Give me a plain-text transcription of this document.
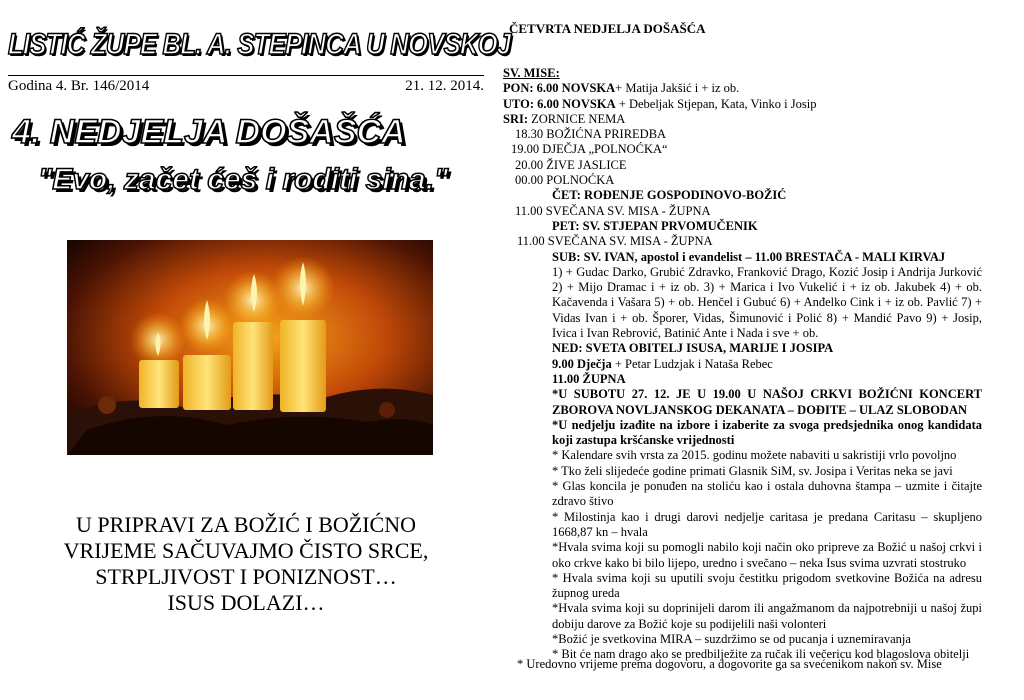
LISTIĆ ŽUPE BL. A. STEPINCA U NOVSKOJ
Godina 4. Br. 146/2014	21. 12. 2014.
4. NEDJELJA DOŠAŠĆA
"Evo, začet ćeš i roditi sina."
U PRIPRAVI ZA BOŽIĆ I BOŽIĆNO
VRIJEME SAČUVAJMO ČISTO SRCE,
STRPLJIVOST I PONIZNOST…
ISUS DOLAZI…
ČETVRTA NEDJELJA DOŠAŠĆA
SV. MISE:
PON: 6.00 NOVSKA+ Matija Jakšić i + iz ob.
UTO: 6.00 NOVSKA + Debeljak Stjepan, Kata, Vinko i Josip
SRI: ZORNICE NEMA
18.30 BOŽIĆNA PRIREDBA
19.00 DJEČJA „POLNOĆKA“
20.00 ŽIVE JASLICE
00.00 POLNOĆKA
ČET: ROĐENJE GOSPODINOVO-BOŽIĆ
11.00 SVEČANA SV. MISA - ŽUPNA
PET: SV. STJEPAN PRVOMUČENIK
11.00 SVEČANA SV. MISA - ŽUPNA
SUB: SV. IVAN, apostol i evandelist – 11.00 BRESTAČA - MALI KIRVAJ
1) + Gudac Darko, Grubić Zdravko, Franković Drago, Kozić Josip i Andrija Jurković
2) + Mijo Dramac i + iz ob. 3) + Marica i Ivo Vukelić i + iz ob. Jakubek 4) + ob.
Kačavenda i Vašara 5) + ob. Henčel i Gubuć 6) + Anđelko Cink i + iz ob. Pavlić 7) +
Vidas Ivan i + ob. Šporer, Vidas, Šimunović i Polić 8) + Mandić Pavo 9) + Josip,
Ivica i Ivan Rebrović, Batinić Ante i Nada i sve + ob.
NED: SVETA OBITELJ ISUSA, MARIJE I JOSIPA
9.00 Dječja + Petar Ludzjak i Nataša Rebec
11.00 ŽUPNA
*U SUBOTU 27. 12. JE U 19.00 U NAŠOJ CRKVI BOŽIĆNI KONCERT
ZBOROVA NOVLJANSKOG DEKANATA – DOĐITE – ULAZ SLOBODAN
*U nedjelju izađite na izbore i izaberite za svoga predsjednika onog kandidata
koji zastupa kršćanske vrijednosti
* Kalendare svih vrsta za 2015. godinu možete nabaviti u sakristiji vrlo povoljno
* Tko želi slijedeće godine primati Glasnik SiM, sv. Josipa i Veritas neka se javi
* Glas koncila je ponuđen na stoliću kao i ostala duhovna štampa – uzmite i čitajte
zdravo štivo
* Milostinja kao i drugi darovi nedjelje caritasa je predana Caritasu – skupljeno
1668,87 kn – hvala
*Hvala svima koji su pomogli nabilo koji način oko pripreve za Božić u našoj crkvi i
oko crkve kako bi bilo lijepo, uredno i svečano – neka Isus svima uzvrati stostruko
* Hvala svima koji su uputili svoju čestitku prigodom svetkovine Božića na adresu
župnog ureda
*Hvala svima koji su doprinijeli darom ili angažmanom da najpotrebniji u našoj župi
dobiju darove za Božić koje su podijelili naši volonteri
*Božić je svetkovina MIRA – suzdržimo se od pucanja i uznemiravanja
* Bit će nam drago ako se predbilježite za ručak ili večericu kod blagoslova obitelji
* Uredovno vrijeme prema dogovoru, a dogovorite ga sa svećenikom nakon sv. Mise
